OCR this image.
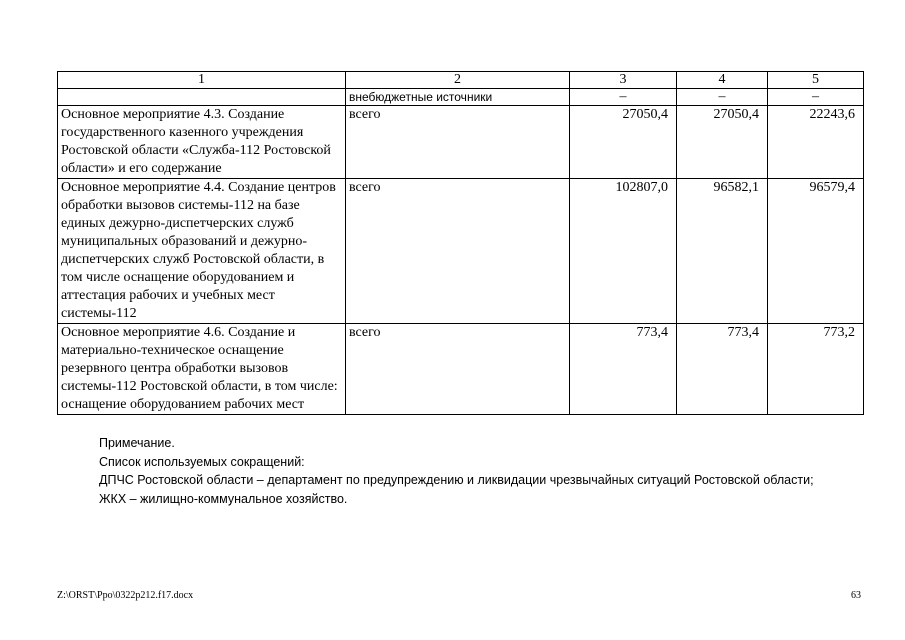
1	2	3	4	5
	внебюджетные источники	–	–	–
Основное мероприятие 4.3. Создание государственного казенного учреждения Ростовской области «Служба-112 Ростовской области» и его содержание	всего	27050,4	27050,4	22243,6
Основное мероприятие 4.4. Создание центров обработки вызовов системы-112 на базе единых дежурно-диспетчерских служб муниципальных образований и дежурно-диспетчерских служб Ростовской области, в том числе оснащение оборудованием и аттестация рабочих и учебных мест системы-112	всего	102807,0	96582,1	96579,4
Основное мероприятие 4.6. Создание и материально-техническое оснащение резервного центра обработки вызовов системы-112 Ростовской области, в том числе: оснащение оборудованием рабочих мест	всего	773,4	773,4	773,2
Примечание.
Список используемых сокращений:
ДПЧС Ростовской области – департамент по предупреждению и ликвидации чрезвычайных ситуаций Ростовской области;
ЖКХ – жилищно-коммунальное хозяйство.
Z:\ORST\Ppo\0322p212.f17.docx	63
